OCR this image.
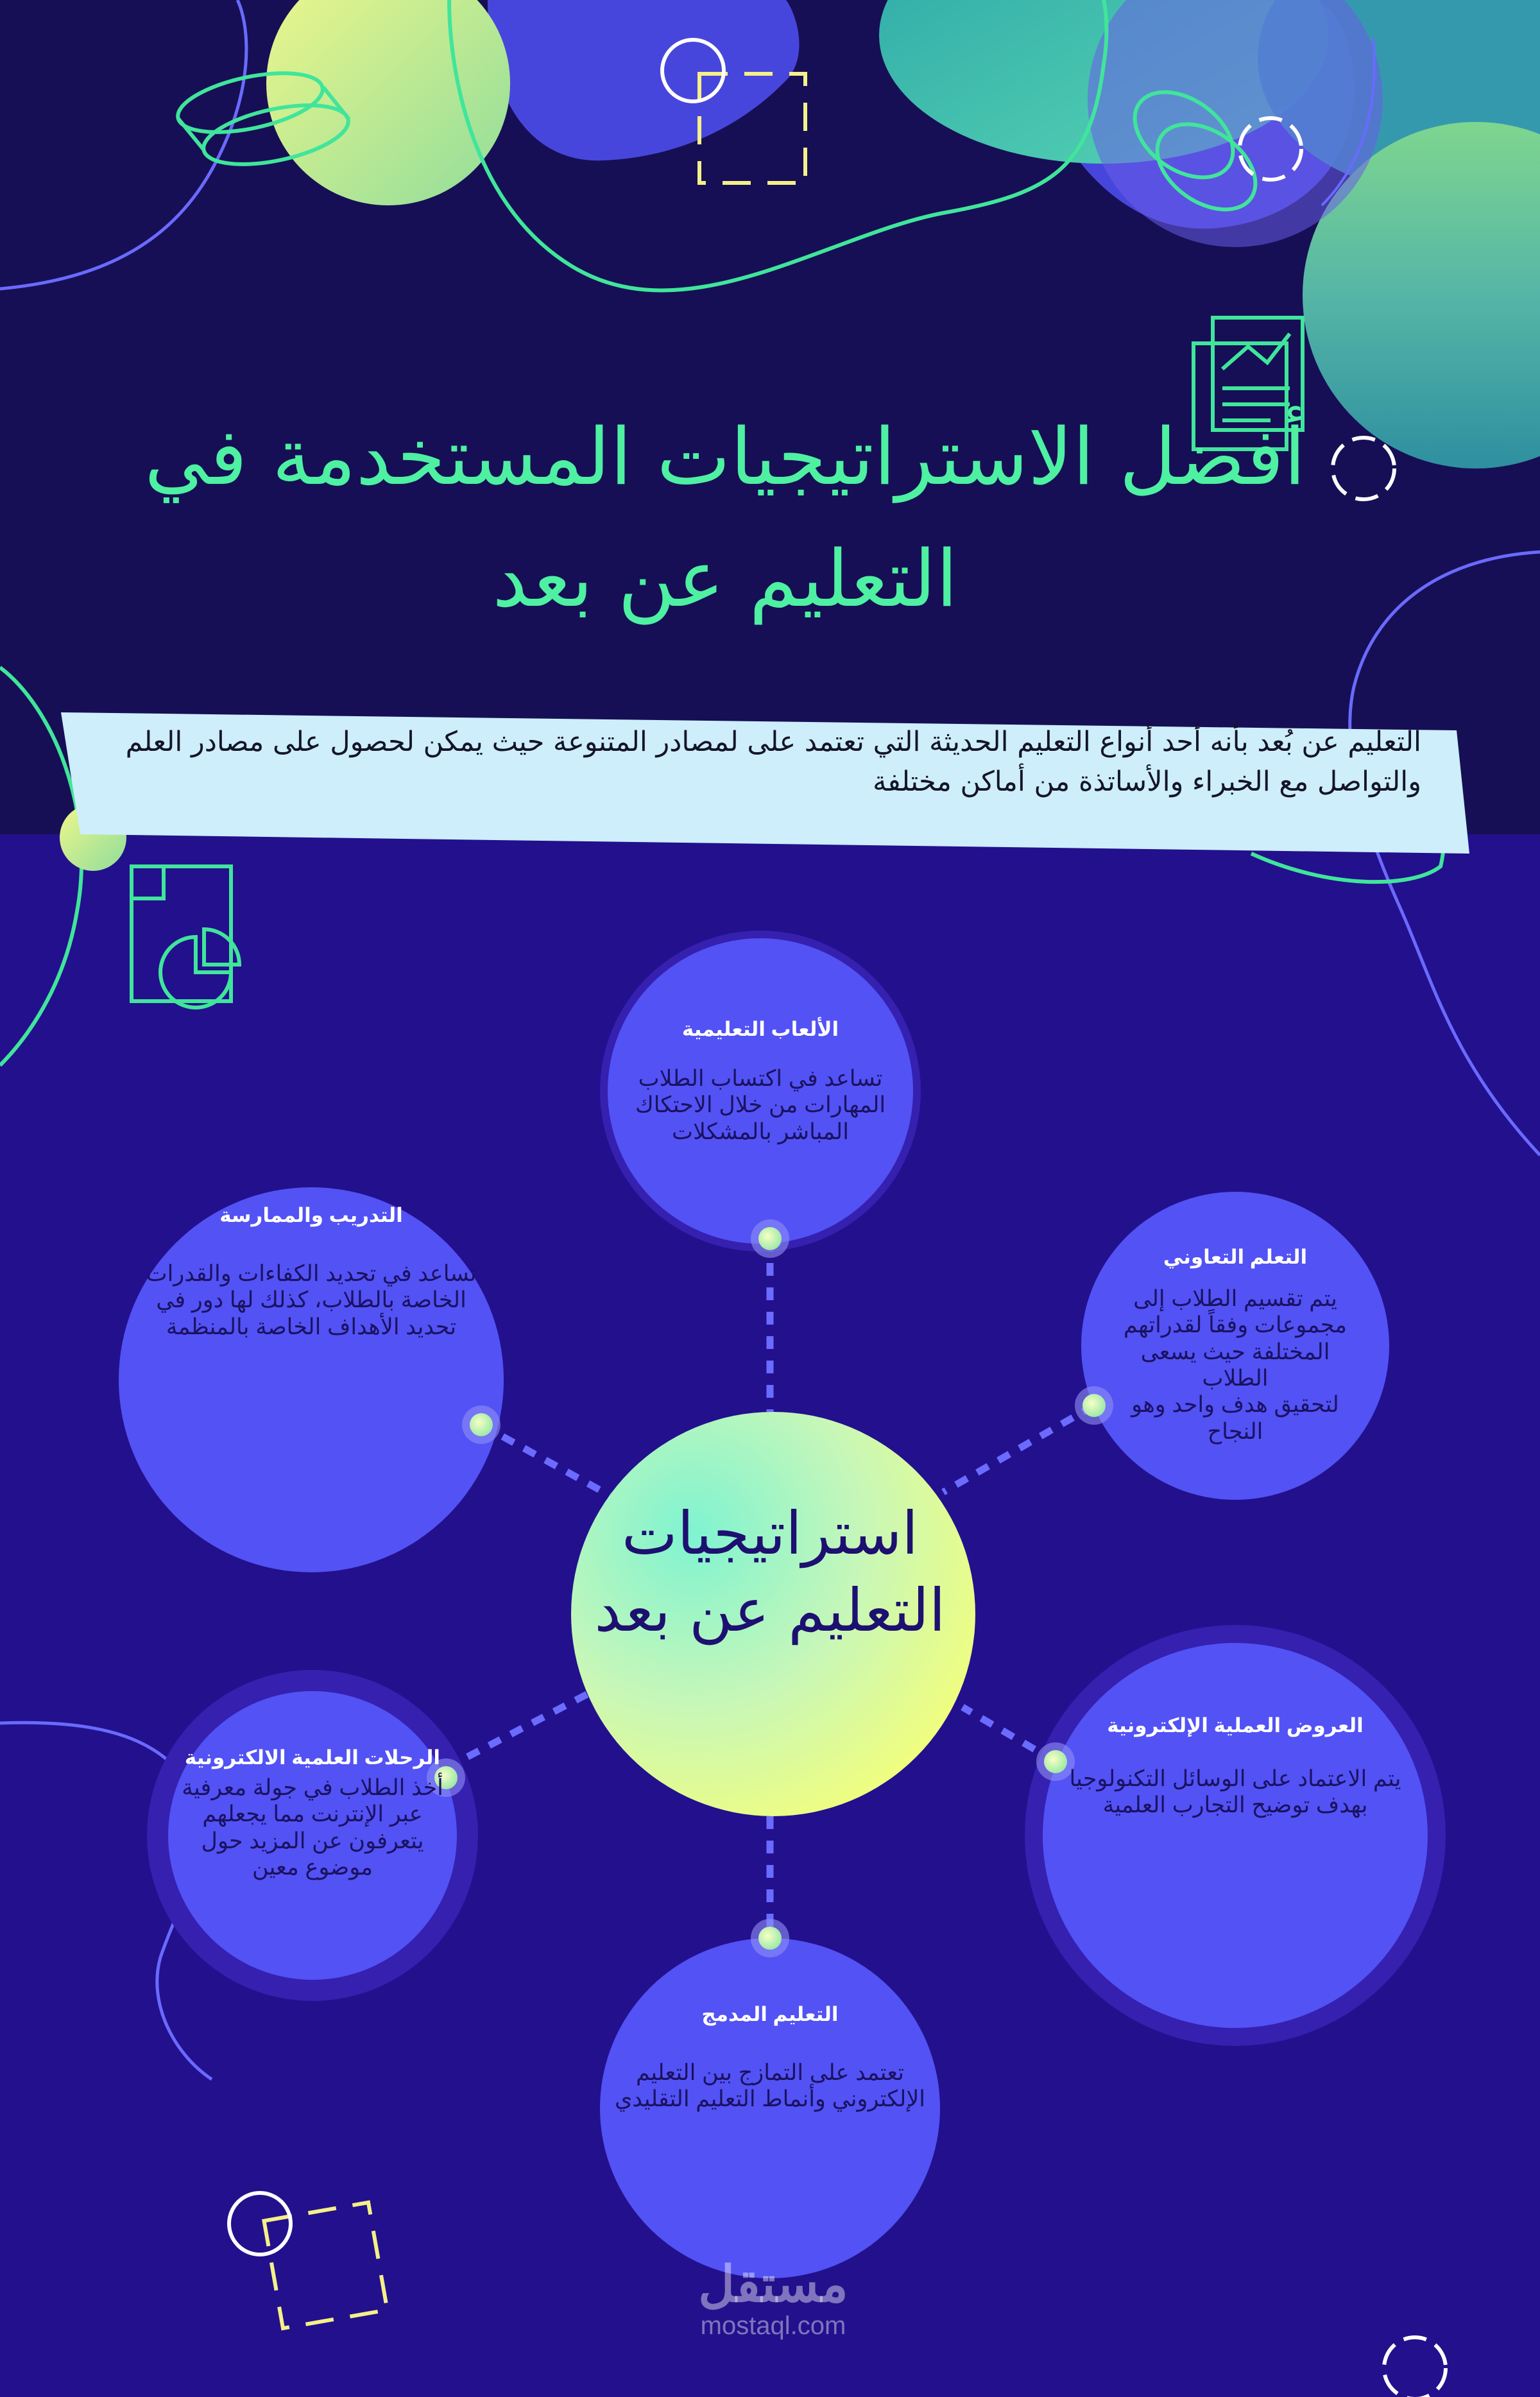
أفضل الاستراتيجيات المستخدمة في
التعليم عن بعد
التعليم عن بُعد بأنه أحد أنواع التعليم الحديثة التي تعتمد على لمصادر المتنوعة حيث يمكن لحصول على مصادر العلم
والتواصل مع الخبراء والأساتذة من أماكن مختلفة
استراتيجيات
التعليم عن بعد
الألعاب التعليمية
تساعد في اكتساب الطلاب
المهارات من خلال الاحتكاك
المباشر بالمشكلات
التعلم التعاوني
يتم تقسيم الطلاب إلى
مجموعات وفقاً لقدراتهم
المختلفة حيث يسعى الطلاب
لتحقيق هدف واحد وهو
النجاح
العروض العملية الإلكترونية
يتم الاعتماد على الوسائل التكنولوجيا
بهدف توضيح التجارب العلمية
التعليم المدمج
تعتمد على التمازج بين التعليم
الإلكتروني وأنماط التعليم التقليدي
الرحلات العلمية الالكترونية
أخذ الطلاب في جولة معرفية
عبر الإنترنت مما يجعلهم
يتعرفون عن المزيد حول
موضوع معين
التدريب والممارسة
تساعد في تحديد الكفاءات والقدرات
الخاصة بالطلاب، كذلك لها دور في
تحديد الأهداف الخاصة بالمنظمة
مستقل
mostaql.com
